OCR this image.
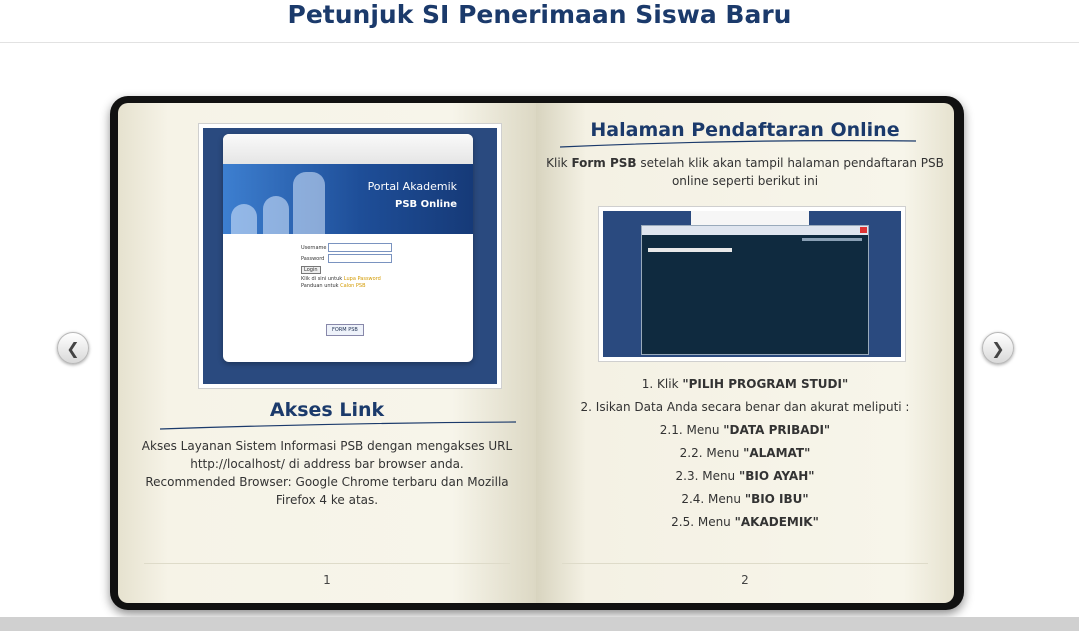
Petunjuk SI Penerimaan Siswa Baru
❮	❯
Portal Akademik
PSB Online
Username
Password
Login
Klik di sini untuk Lupa Password
Panduan untuk Calon PSB
FORM PSB
Akses Link
Akses Layanan Sistem Informasi PSB dengan mengakses URL
http://localhost/ di address bar browser anda.
Recommended Browser: Google Chrome terbaru dan Mozilla
Firefox 4 ke atas.
1
Halaman Pendaftaran Online
Klik Form PSB setelah klik akan tampil halaman pendaftaran PSB
online seperti berikut ini
1. Klik "PILIH PROGRAM STUDI"
2. Isikan Data Anda secara benar dan akurat meliputi :
2.1. Menu "DATA PRIBADI"
2.2. Menu "ALAMAT"
2.3. Menu "BIO AYAH"
2.4. Menu "BIO IBU"
2.5. Menu "AKADEMIK"
2
